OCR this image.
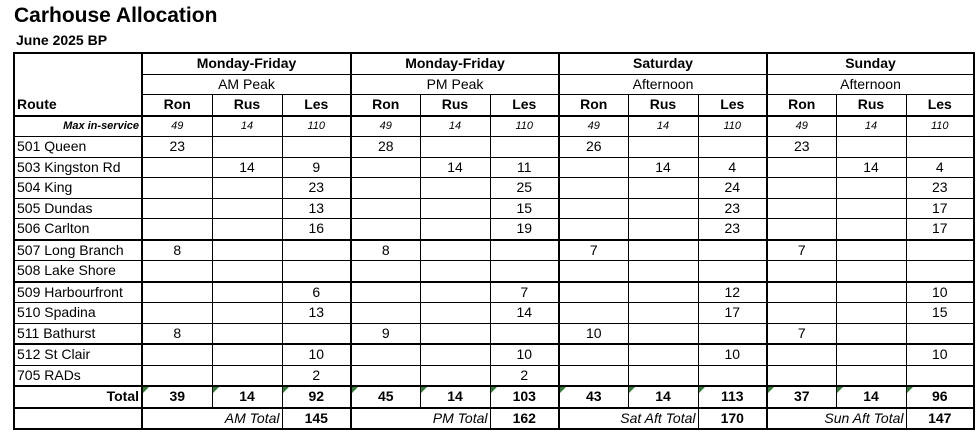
Carhouse Allocation
June 2025 BP
	Monday-Friday			Monday-Friday			Saturday			Sunday		
	AM Peak			PM Peak			Afternoon			Afternoon		
Route	Ron	Rus	Les	Ron	Rus	Les	Ron	Rus	Les	Ron	Rus	Les
Max in-service	49	14	110	49	14	110	49	14	110	49	14	110
501 Queen	23			28			26			23		
503 Kingston Rd		14	9		14	11		14	4		14	4
504 King			23			25			24			23
505 Dundas			13			15			23			17
506 Carlton			16			19			23			17
507 Long Branch	8			8			7			7		
508 Lake Shore												
509 Harbourfront			6			7			12			10
510 Spadina			13			14			17			15
511 Bathurst	8			9			10			7		
512 St Clair			10			10			10			10
705 RADs			2			2						
Total	39	14	92	45	14	103	43	14	113	37	14	96
	AM Total		145	PM Total		162	Sat Aft Total		170	Sun Aft Total		147
